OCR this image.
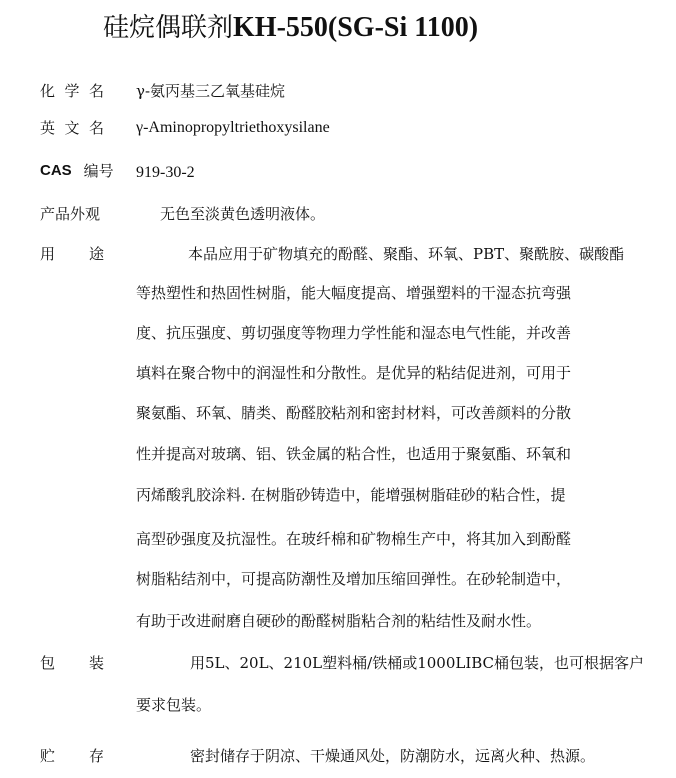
硅烷偶联剂KH-550(SG-Si 1100)
化 学 名 γ-氨丙基三乙氧基硅烷
英 文 名 γ-Aminopropyltriethoxysilane
CAS 编号 919-30-2
产品外观	无色至淡黄色透明液体。
用 途	本品应用于矿物填充的酚醛、聚酯、环氧、PBT、聚酰胺、碳酸酯
等热塑性和热固性树脂，能大幅度提高、增强塑料的干湿态抗弯强
度、抗压强度、剪切强度等物理力学性能和湿态电气性能，并改善
填料在聚合物中的润湿性和分散性。是优异的粘结促进剂，可用于
聚氨酯、环氧、腈类、酚醛胶粘剂和密封材料，可改善颜料的分散
性并提高对玻璃、铝、铁金属的粘合性，也适用于聚氨酯、环氧和
丙烯酸乳胶涂料. 在树脂砂铸造中，能增强树脂硅砂的粘合性，提
高型砂强度及抗湿性。在玻纤棉和矿物棉生产中，将其加入到酚醛
树脂粘结剂中，可提高防潮性及增加压缩回弹性。在砂轮制造中，
有助于改进耐磨自硬砂的酚醛树脂粘合剂的粘结性及耐水性。
包 装	用5L、20L、210L塑料桶/铁桶或1000LIBC桶包装，也可根据客户
要求包装。
贮 存	密封储存于阴凉、干燥通风处，防潮防水，远离火种、热源。
